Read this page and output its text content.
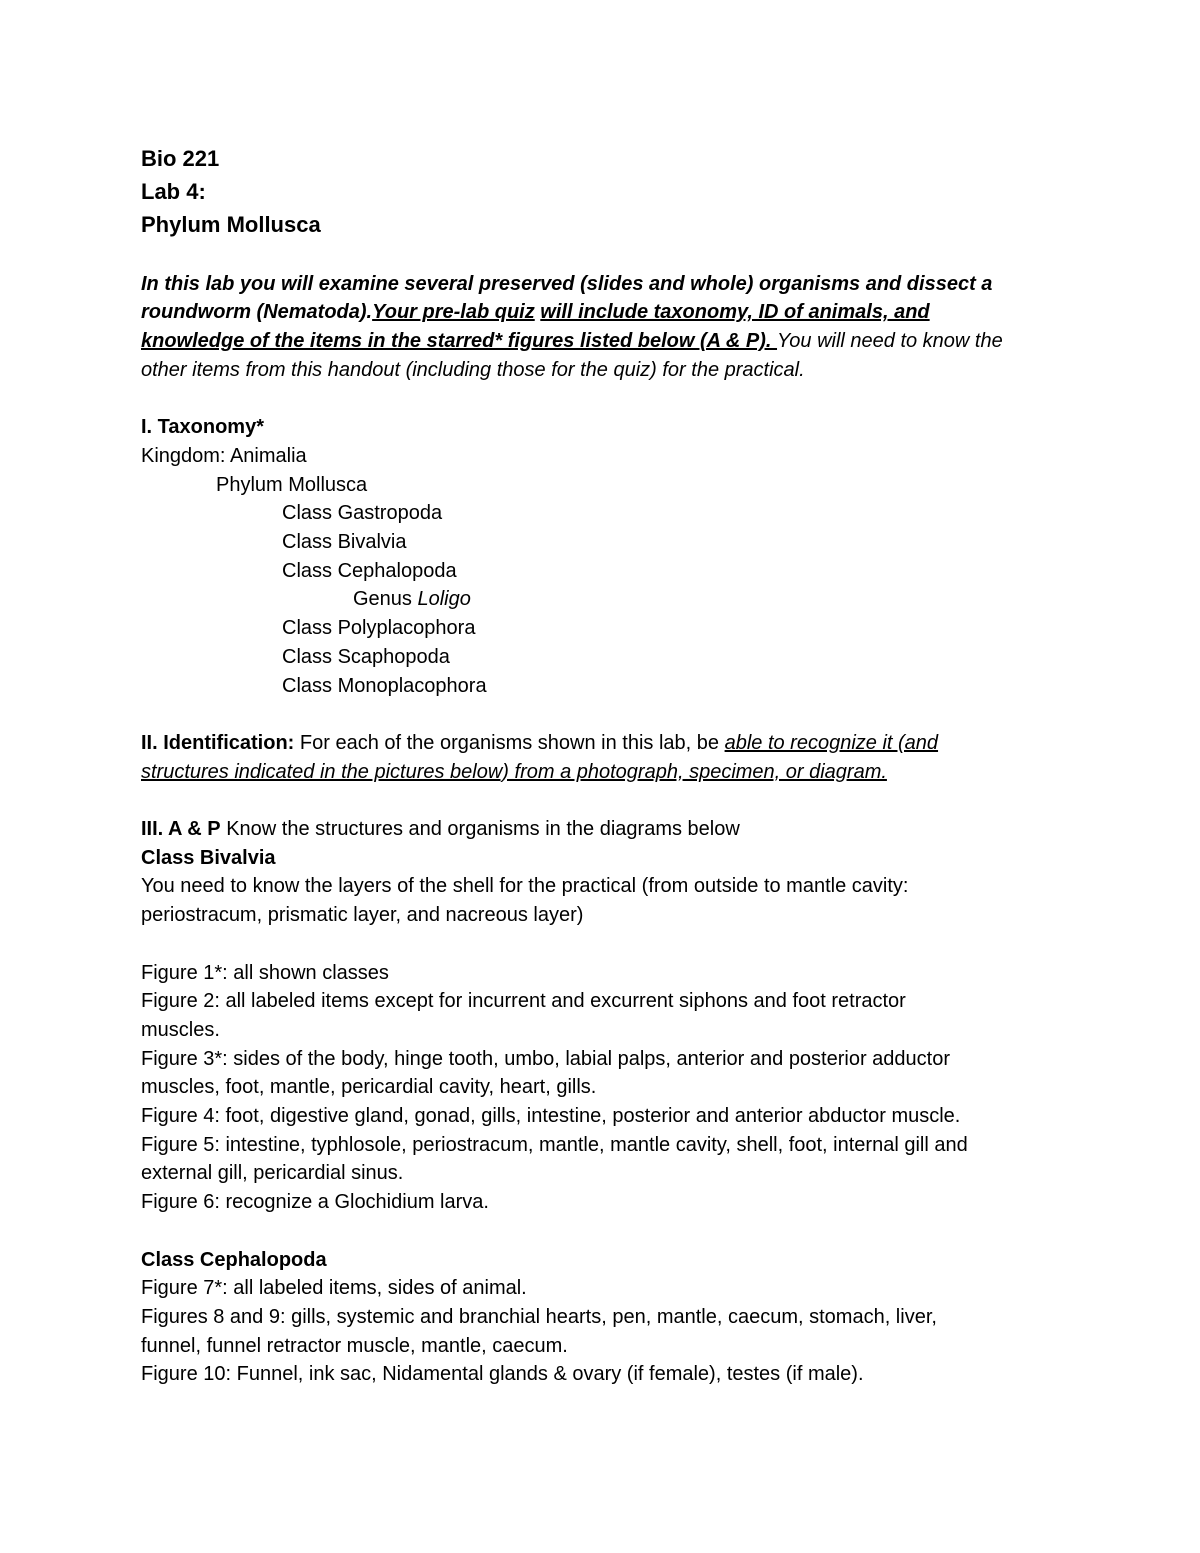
Bio 221
Lab 4:
Phylum Mollusca
In this lab you will examine several preserved (slides and whole) organisms and dissect a
roundworm (Nematoda).Your pre-lab quiz will include taxonomy, ID of animals, and
knowledge of the items in the starred* figures listed below (A & P). You will need to know the
other items from this handout (including those for the quiz) for the practical.
I. Taxonomy*
Kingdom: Animalia
Phylum Mollusca
Class Gastropoda
Class Bivalvia
Class Cephalopoda
Genus Loligo
Class Polyplacophora
Class Scaphopoda
Class Monoplacophora
II. Identification: For each of the organisms shown in this lab, be able to recognize it (and
structures indicated in the pictures below) from a photograph, specimen, or diagram.
III. A & P Know the structures and organisms in the diagrams below
Class Bivalvia
You need to know the layers of the shell for the practical (from outside to mantle cavity:
periostracum, prismatic layer, and nacreous layer)
Figure 1*: all shown classes
Figure 2: all labeled items except for incurrent and excurrent siphons and foot retractor
muscles.
Figure 3*: sides of the body, hinge tooth, umbo, labial palps, anterior and posterior adductor
muscles, foot, mantle, pericardial cavity, heart, gills.
Figure 4: foot, digestive gland, gonad, gills, intestine, posterior and anterior abductor muscle.
Figure 5: intestine, typhlosole, periostracum, mantle, mantle cavity, shell, foot, internal gill and
external gill, pericardial sinus.
Figure 6: recognize a Glochidium larva.
Class Cephalopoda
Figure 7*: all labeled items, sides of animal.
Figures 8 and 9: gills, systemic and branchial hearts, pen, mantle, caecum, stomach, liver,
funnel, funnel retractor muscle, mantle, caecum.
Figure 10: Funnel, ink sac, Nidamental glands & ovary (if female), testes (if male).
